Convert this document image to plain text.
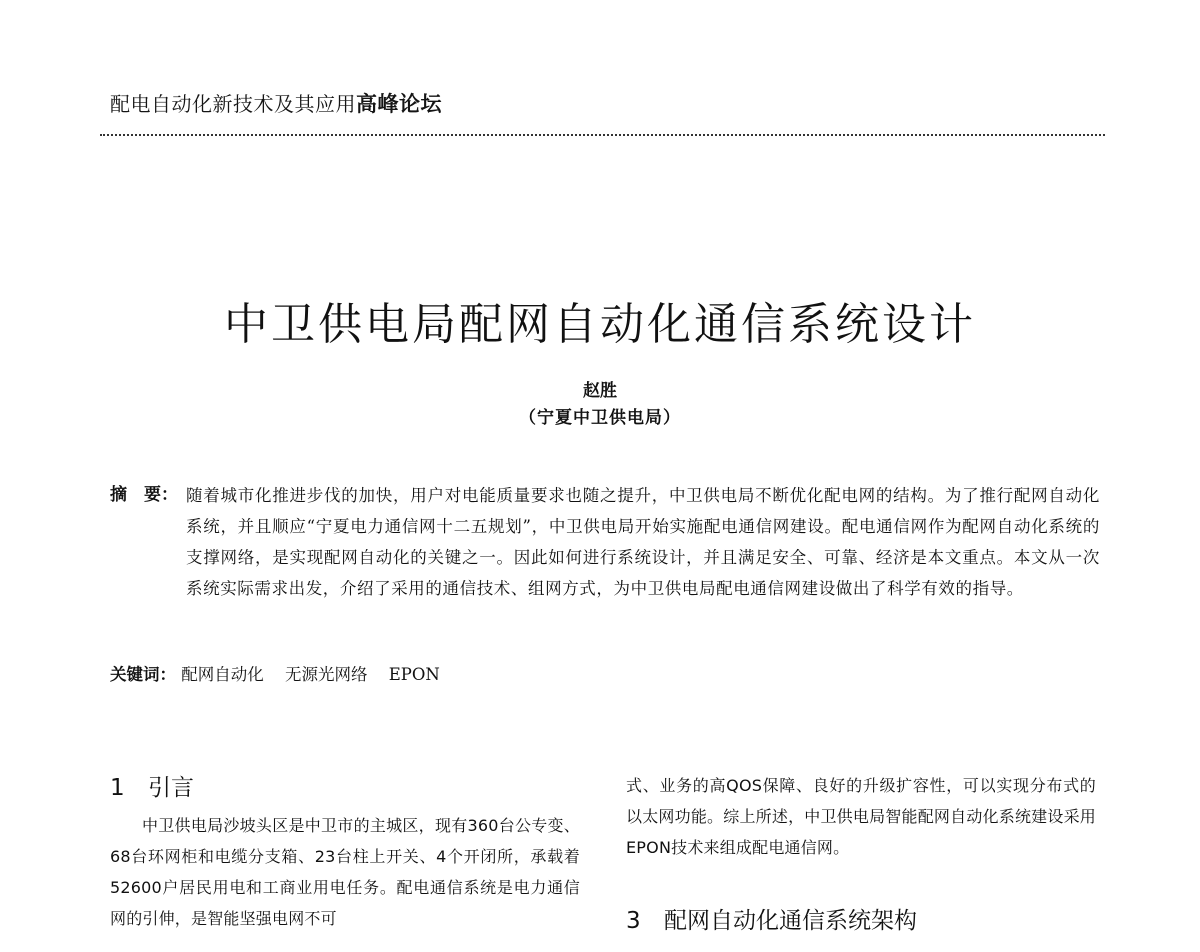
配电自动化新技术及其应用高峰论坛
中卫供电局配网自动化通信系统设计
赵胜
（宁夏中卫供电局）
摘　要： 随着城市化推进步伐的加快，用户对电能质量要求也随之提升，中卫供电局不断优化配电网的结构。为了推行配网自动化系统，并且顺应“宁夏电力通信网十二五规划”，中卫供电局开始实施配电通信网建设。配电通信网作为配网自动化系统的支撑网络，是实现配网自动化的关键之一。因此如何进行系统设计，并且满足安全、可靠、经济是本文重点。本文从一次系统实际需求出发，介绍了采用的通信技术、组网方式，为中卫供电局配电通信网建设做出了科学有效的指导。
关键词： 配网自动化 无源光网络 EPON
1 引言
中卫供电局沙坡头区是中卫市的主城区，现有360台公专变、68台环网柜和电缆分支箱、23台柱上开关、4个开闭所，承载着52600户居民用电和工商业用电任务。配电通信系统是电力通信网的引伸，是智能坚强电网不可
式、业务的高QOS保障、良好的升级扩容性，可以实现分布式的以太网功能。综上所述，中卫供电局智能配网自动化系统建设采用EPON技术来组成配电通信网。
3 配网自动化通信系统架构
